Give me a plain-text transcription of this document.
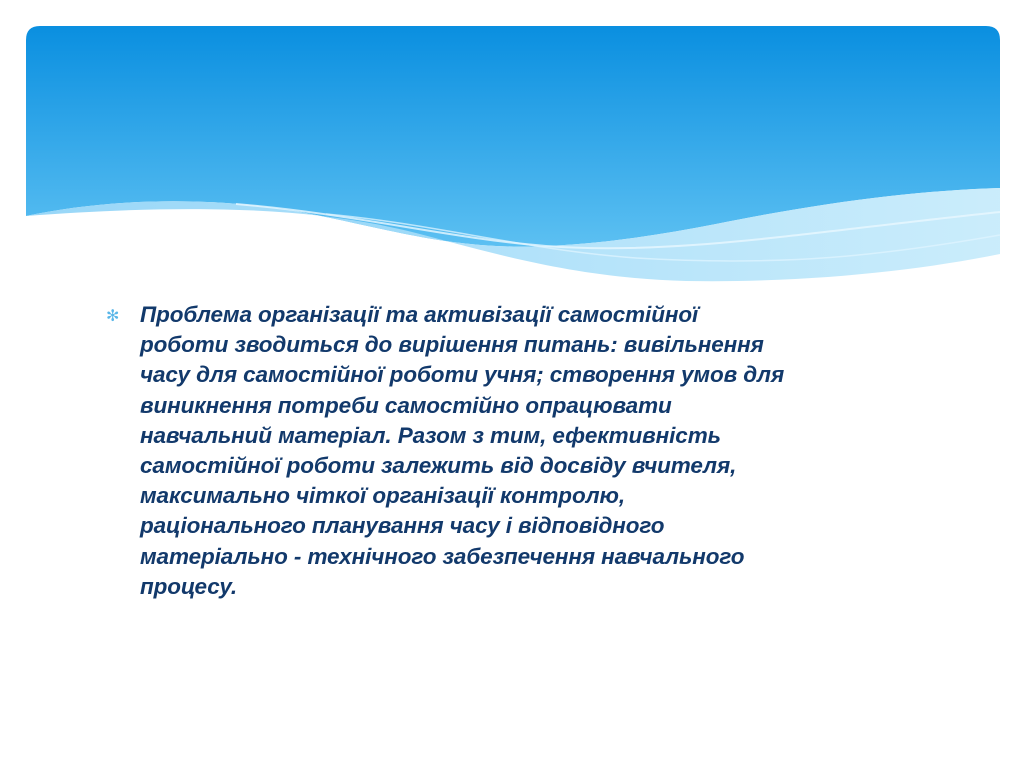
✻ Проблема організації та активізації самостійної
роботи зводиться до вирішення питань: вивільнення
часу для самостійної роботи учня; створення умов для
виникнення потреби самостійно опрацювати
навчальний матеріал. Разом з тим, ефективність
самостійної роботи залежить від досвіду вчителя,
максимально чіткої організації контролю,
раціонального планування часу і відповідного
матеріально - технічного забезпечення навчального
процесу.
